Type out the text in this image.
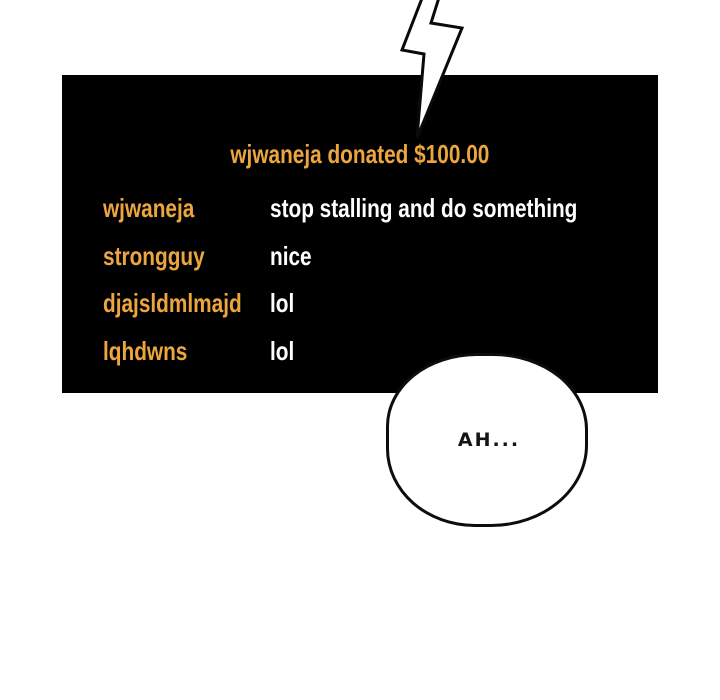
wjwaneja donated $100.00
wjwaneja	stop stalling and do something
strongguy	nice
djajsldmlmajd lol
lqhdwns	lol
AH...
